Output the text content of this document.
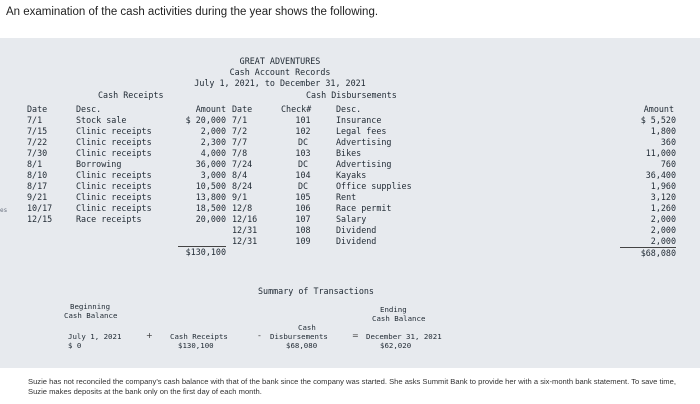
An examination of the cash activities during the year shows the following.
es
GREAT ADVENTURES
Cash Account Records
July 1, 2021, to December 31, 2021
Cash Receipts	Cash Disbursements
Date	Desc.	Amount Date	Check#	Desc.	Amount
7/1	Stock sale	$ 20,000
7/15	Clinic receipts	2,000
7/22	Clinic receipts	2,300
7/30	Clinic receipts	4,000
8/1	Borrowing	36,000
8/10	Clinic receipts	3,000
8/17	Clinic receipts	10,500
9/21	Clinic receipts	13,800
10/17	Clinic receipts	18,500
12/15	Race receipts	20,000
$130,100
7/1	101	Insurance	$ 5,520
7/2	102	Legal fees	1,800
7/7	DC	Advertising	360
7/8	103	Bikes	11,000
7/24	DC	Advertising	760
8/4	104	Kayaks	36,400
8/24	DC	Office supplies	1,960
9/1	105	Rent	3,120
12/8	106	Race permit	1,260
12/16	107	Salary	2,000
12/31	108	Dividend	2,000
12/31	109	Dividend	2,000
$68,080
Summary of Transactions
Beginning
Cash Balance
Ending
Cash Balance
July 1, 2021
$ 0
+ Cash Receipts
$130,100
-
Cash
Disbursements
$68,080
= December 31, 2021
$62,020
Suzie has not reconciled the company's cash balance with that of the bank since the company was started. She asks Summit Bank to provide her with a six-month bank statement. To save time, Suzie makes deposits at the bank only on the first day of each month.
